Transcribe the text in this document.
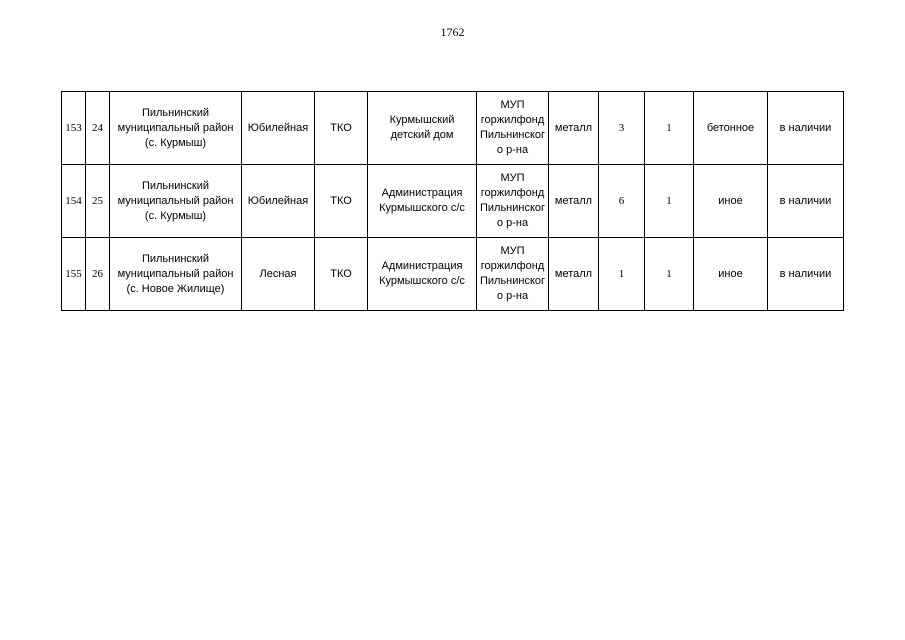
1762
153	24	Пильнинский
муниципальный район
(с. Курмыш)	Юбилейная	ТКО	Курмышский
детский дом	МУП
горжилфонд
Пильнинског
о р-на	металл	3	1	бетонное	в наличии
154	25	Пильнинский
муниципальный район
(с. Курмыш)	Юбилейная	ТКО	Администрация
Курмышского с/с	МУП
горжилфонд
Пильнинског
о р-на	металл	6	1	иное	в наличии
155	26	Пильнинский
муниципальный район
(с. Новое Жилище)	Лесная	ТКО	Администрация
Курмышского с/с	МУП
горжилфонд
Пильнинског
о р-на	металл	1	1	иное	в наличии
